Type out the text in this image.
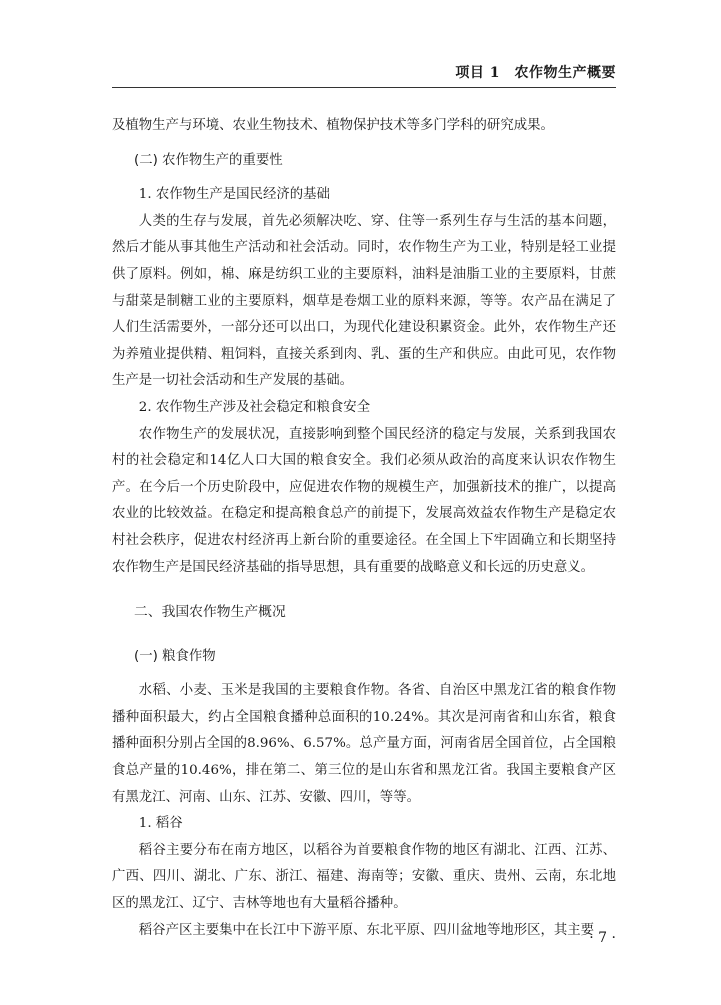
项目 1　农作物生产概要

及植物生产与环境、农业生物技术、植物保护技术等多门学科的研究成果。

(二) 农作物生产的重要性

1. 农作物生产是国民经济的基础

人类的生存与发展，首先必须解决吃、穿、住等一系列生存与生活的基本问题，然后才能从事其他生产活动和社会活动。同时，农作物生产为工业，特别是轻工业提供了原料。例如，棉、麻是纺织工业的主要原料，油料是油脂工业的主要原料，甘蔗与甜菜是制糖工业的主要原料，烟草是卷烟工业的原料来源，等等。农产品在满足了人们生活需要外，一部分还可以出口，为现代化建设积累资金。此外，农作物生产还为养殖业提供精、粗饲料，直接关系到肉、乳、蛋的生产和供应。由此可见，农作物生产是一切社会活动和生产发展的基础。

2. 农作物生产涉及社会稳定和粮食安全

农作物生产的发展状况，直接影响到整个国民经济的稳定与发展，关系到我国农村的社会稳定和14亿人口大国的粮食安全。我们必须从政治的高度来认识农作物生产。在今后一个历史阶段中，应促进农作物的规模生产，加强新技术的推广，以提高农业的比较效益。在稳定和提高粮食总产的前提下，发展高效益农作物生产是稳定农村社会秩序，促进农村经济再上新台阶的重要途径。在全国上下牢固确立和长期坚持农作物生产是国民经济基础的指导思想，具有重要的战略意义和长远的历史意义。

二、我国农作物生产概况
(一) 粮食作物

水稻、小麦、玉米是我国的主要粮食作物。各省、自治区中黑龙江省的粮食作物播种面积最大，约占全国粮食播种总面积的10.24%。其次是河南省和山东省，粮食播种面积分别占全国的8.96%、6.57%。总产量方面，河南省居全国首位，占全国粮食总产量的10.46%，排在第二、第三位的是山东省和黑龙江省。我国主要粮食产区有黑龙江、河南、山东、江苏、安徽、四川，等等。

1. 稻谷

稻谷主要分布在南方地区，以稻谷为首要粮食作物的地区有湖北、江西、江苏、广西、四川、湖北、广东、浙江、福建、海南等；安徽、重庆、贵州、云南，东北地区的黑龙江、辽宁、吉林等地也有大量稻谷播种。

稻谷产区主要集中在长江中下游平原、东北平原、四川盆地等地形区，其主要

· 7 ·
